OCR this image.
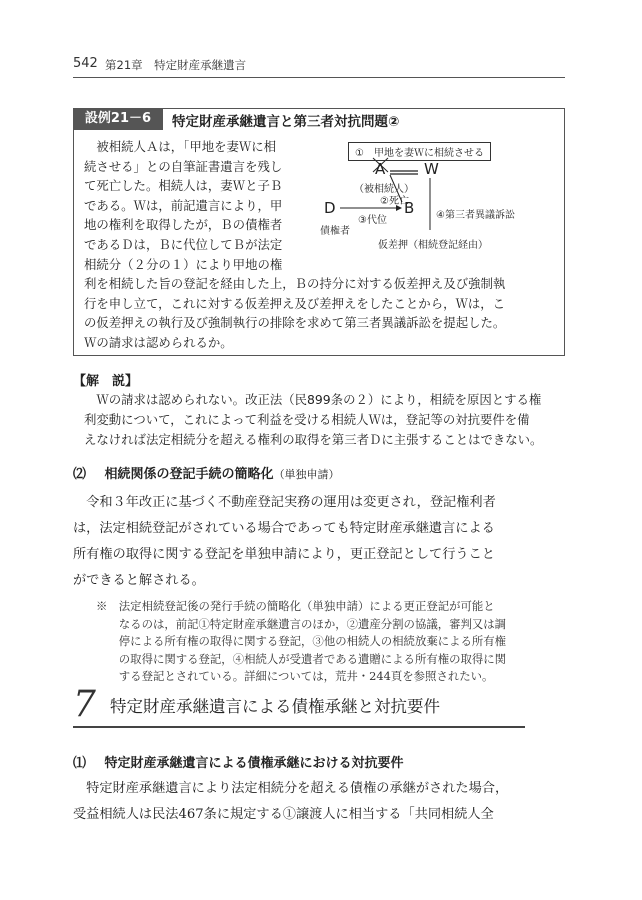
542 第21章　特定財産承継遺言
設例21－6	特定財産承継遺言と第三者対抗問題②
　被相続人Ａは，「甲地を妻Ｗに相
続させる」との自筆証書遺言を残し
て死亡した。相続人は，妻Ｗと子Ｂ
である。Ｗは，前記遺言により，甲
地の権利を取得したが，Ｂの債権者
であるＤは，Ｂに代位してＢが法定
相続分（２分の１）により甲地の権
利を相続した旨の登記を経由した上，Ｂの持分に対する仮差押え及び強制執
行を申し立て，これに対する仮差押え及び差押えをしたことから，Ｗは，こ
の仮差押えの執行及び強制執行の排除を求めて第三者異議訴訟を提起した。
Ｗの請求は認められるか。
①　甲地を妻Ｗに相続させる
A	W
（被相続人）
②死亡
D	B
③代位
債権者
④第三者異議訴訟
仮差押（相続登記経由）
【解　説】
　Ｗの請求は認められない。改正法（民899条の２）により，相続を原因とする権
利変動について，これによって利益を受ける相続人Ｗは，登記等の対抗要件を備
えなければ法定相続分を超える権利の取得を第三者Ｄに主張することはできない。
⑵ 相続関係の登記手続の簡略化（単独申請）
　令和３年改正に基づく不動産登記実務の運用は変更され，登記権利者
は，法定相続登記がされている場合であっても特定財産承継遺言による
所有権の取得に関する登記を単独申請により，更正登記として行うこと
ができると解される。
※　法定相続登記後の発行手続の簡略化（単独申請）による更正登記が可能と
　　なるのは，前記①特定財産承継遺言のほか，②遺産分割の協議，審判又は調
　　停による所有権の取得に関する登記，③他の相続人の相続放棄による所有権
　　の取得に関する登記，④相続人が受遺者である遺贈による所有権の取得に関
　　する登記とされている。詳細については，荒井・244頁を参照されたい。
7 特定財産承継遺言による債権承継と対抗要件
⑴ 特定財産承継遺言による債権承継における対抗要件
　特定財産承継遺言により法定相続分を超える債権の承継がされた場合，
受益相続人は民法467条に規定する①譲渡人に相当する「共同相続人全
